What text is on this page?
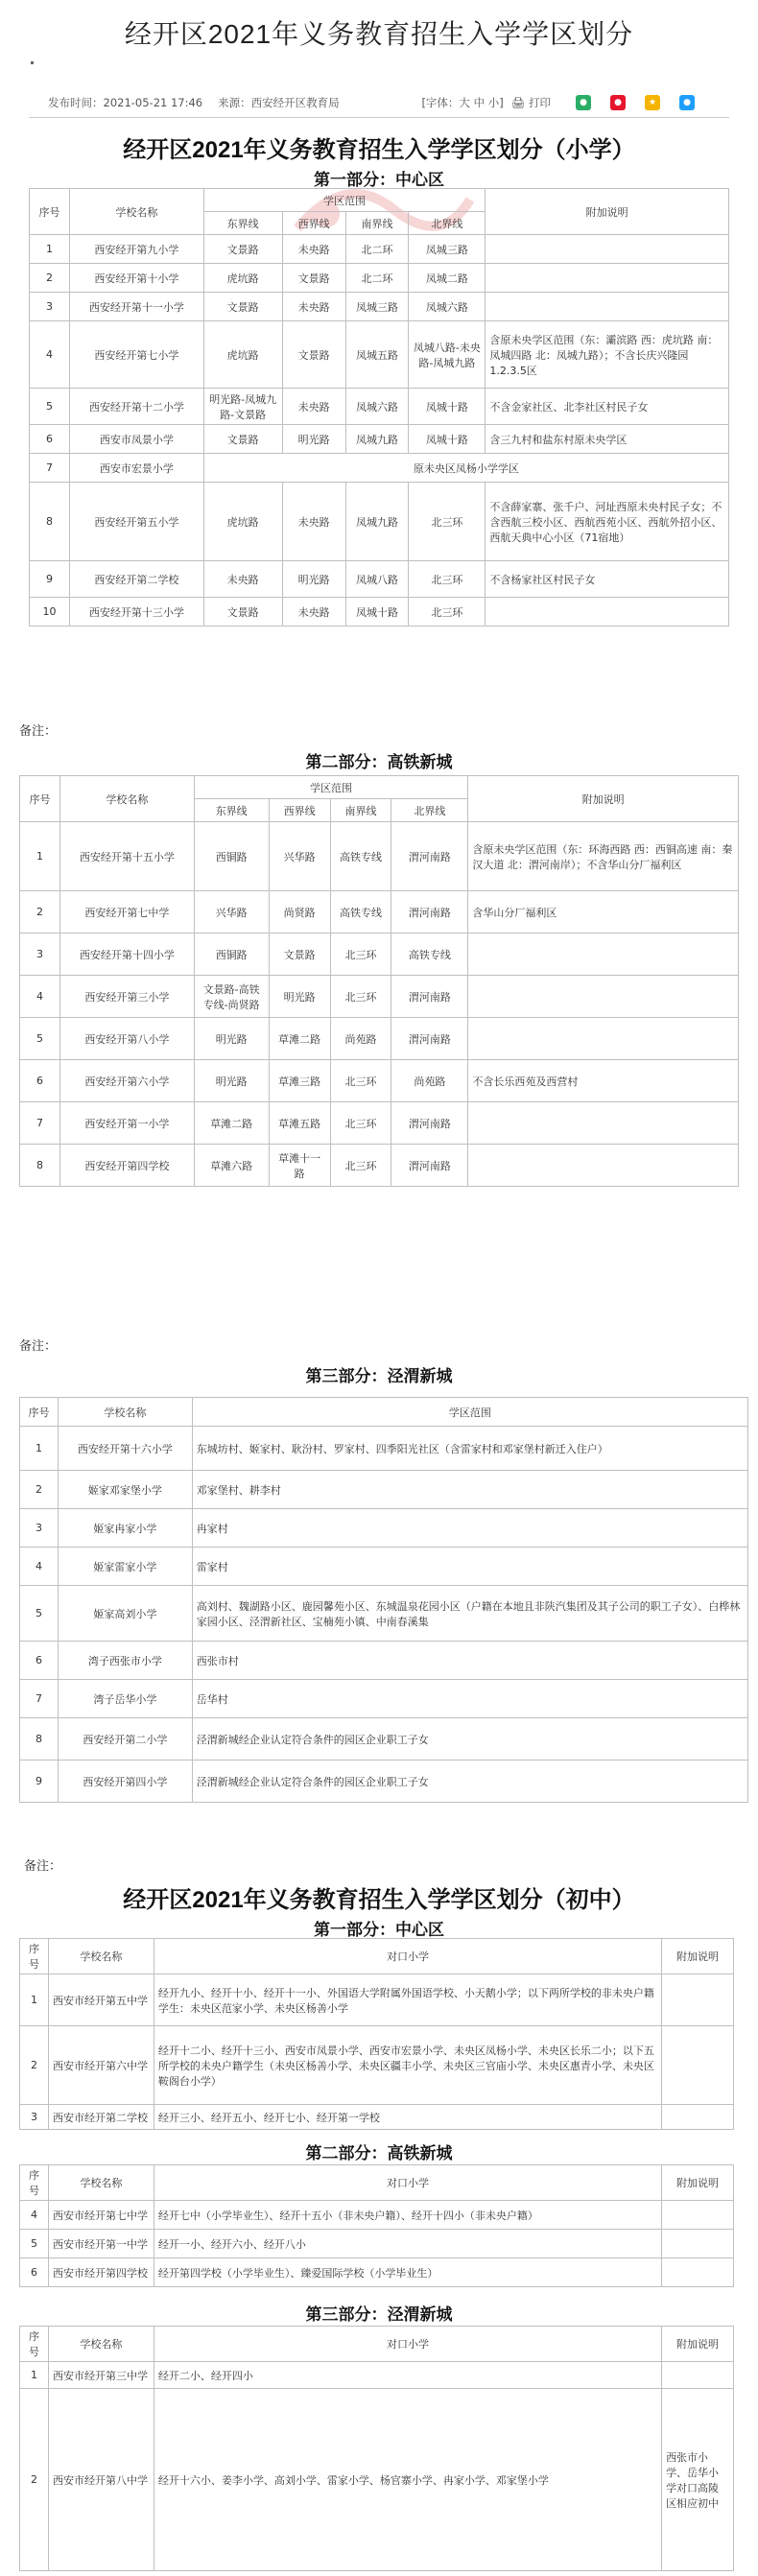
经开区2021年义务教育招生入学学区划分
发布时间：2021-05-21 17:46 来源：西安经开区教育局	[字体：大 中 小] 🖨 打印	●	●	★	●
经开区2021年义务教育招生入学学区划分（小学）
第一部分：中心区
序号	学校名称	学区范围				附加说明
		东界线	西界线	南界线	北界线	
1	西安经开第九小学	文景路	未央路	北二环	凤城三路	
2	西安经开第十小学	虎坑路	文景路	北二环	凤城二路	
3	西安经开第十一小学	文景路	未央路	凤城三路	凤城六路	
4	西安经开第七小学	虎坑路	文景路	凤城五路	凤城八路-未央路-凤城九路	含原未央学区范围（东：灞滨路 西：虎坑路 南：凤城四路 北：凤城九路）；不含长庆兴隆园1.2.3.5区
5	西安经开第十二小学	明光路-凤城九路-文景路	未央路	凤城六路	凤城十路	不含金家社区、北李社区村民子女
6	西安市凤景小学	文景路	明光路	凤城九路	凤城十路	含三九村和盐东村原未央学区
7	西安市宏景小学	原未央区凤杨小学学区				
8	西安经开第五小学	虎坑路	未央路	凤城九路	北三环	不含薛家寨、张千户、河址西原未央村民子女；不含西航三校小区、西航西苑小区、西航外招小区、西航天典中心小区（71宿地）
9	西安经开第二学校	未央路	明光路	凤城八路	北三环	不含杨家社区村民子女
10	西安经开第十三小学	文景路	未央路	凤城十路	北三环	
备注：
第二部分：高铁新城
序号	学校名称	学区范围				附加说明
		东界线	西界线	南界线	北界线	
1	西安经开第十五小学	西铜路	兴华路	高铁专线	渭河南路	含原未央学区范围（东：环海西路 西：西铜高速 南：秦汉大道 北：渭河南岸）；不含华山分厂福利区
2	西安经开第七中学	兴华路	尚贤路	高铁专线	渭河南路	含华山分厂福利区
3	西安经开第十四小学	西铜路	文景路	北三环	高铁专线	
4	西安经开第三小学	文景路-高铁专线-尚贤路	明光路	北三环	渭河南路	
5	西安经开第八小学	明光路	草滩二路	尚苑路	渭河南路	
6	西安经开第六小学	明光路	草滩三路	北三环	尚苑路	不含长乐西苑及西营村
7	西安经开第一小学	草滩二路	草滩五路	北三环	渭河南路	
8	西安经开第四学校	草滩六路	草滩十一路	北三环	渭河南路	
备注：
第三部分：泾渭新城
序号	学校名称	学区范围
1	西安经开第十六小学	东城坊村、姬家村、耿汾村、罗家村、四季阳光社区（含雷家村和邓家堡村新迁入住户）
2	姬家邓家堡小学	邓家堡村、耕李村
3	姬家冉家小学	冉家村
4	姬家雷家小学	雷家村
5	姬家高刘小学	高刘村、魏湖路小区、鹿园馨苑小区、东城温泉花园小区（户籍在本地且非陕汽集团及其子公司的职工子女）、白桦林家园小区、泾渭新社区、宝楠苑小镇、中南春溪集
6	湾子西张市小学	西张市村
7	湾子岳华小学	岳华村
8	西安经开第二小学	泾渭新城经企业认定符合条件的园区企业职工子女
9	西安经开第四小学	泾渭新城经企业认定符合条件的园区企业职工子女
备注：
经开区2021年义务教育招生入学学区划分（初中）
第一部分：中心区
序号	学校名称	对口小学	附加说明
1	西安市经开第五中学	经开九小、经开十小、经开十一小、外国语大学附属外国语学校、小天鹅小学；以下两所学校的非未央户籍学生：未央区范家小学、未央区杨善小学	
2	西安市经开第六中学	经开十二小、经开十三小、西安市凤景小学、西安市宏景小学、未央区凤杨小学、未央区长乐二小；以下五所学校的未央户籍学生（未央区杨善小学、未央区疆丰小学、未央区三官庙小学、未央区惠青小学、未央区鞍阁台小学）	
3	西安市经开第二学校	经开三小、经开五小、经开七小、经开第一学校	
第二部分：高铁新城
序号	学校名称	对口小学	附加说明
4	西安市经开第七中学	经开七中（小学毕业生）、经开十五小（非未央户籍）、经开十四小（非未央户籍）	
5	西安市经开第一中学	经开一小、经开六小、经开八小	
6	西安市经开第四学校	经开第四学校（小学毕业生）、臻爱国际学校（小学毕业生）	
第三部分：泾渭新城
序号	学校名称	对口小学	附加说明
1	西安市经开第三中学	经开二小、经开四小	
2	西安市经开第八中学	经开十六小、姜李小学、高刘小学、雷家小学、杨官寨小学、冉家小学、邓家堡小学	西张市小学、岳华小学对口高陵区相应初中
